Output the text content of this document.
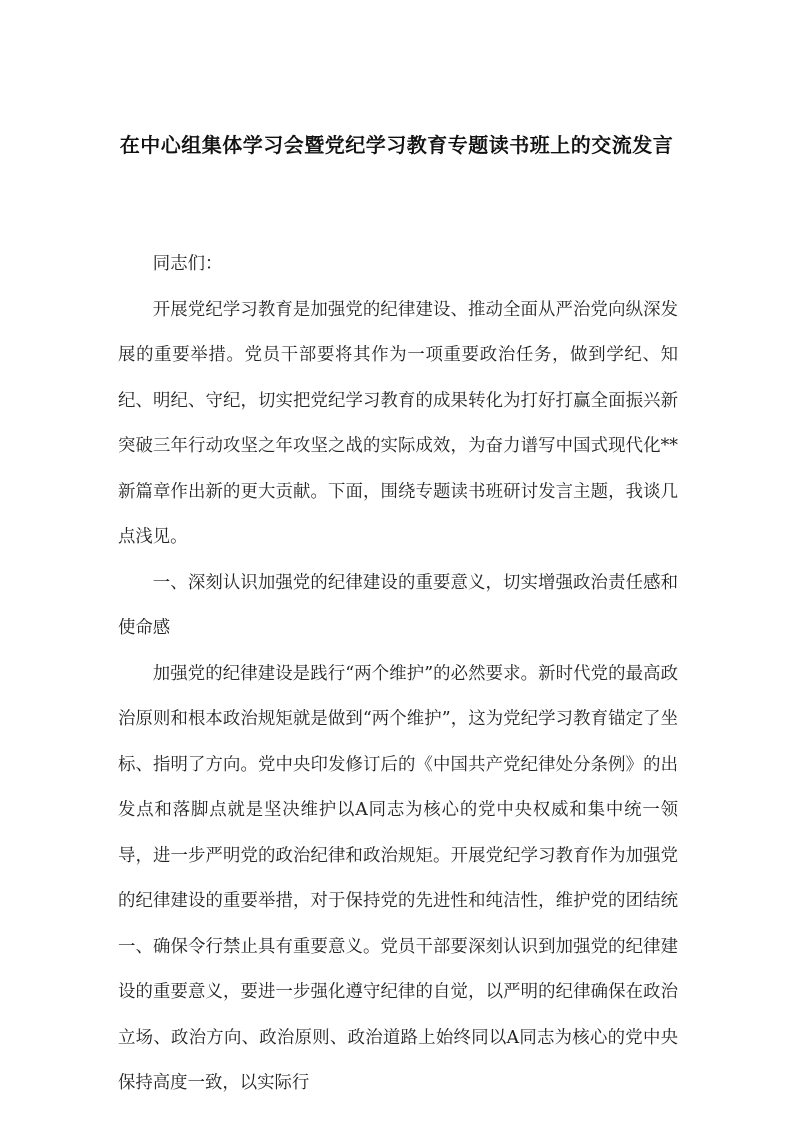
在中心组集体学习会暨党纪学习教育专题读书班上的交流发言

同志们：

开展党纪学习教育是加强党的纪律建设、推动全面从严治党向纵深发展的重要举措。党员干部要将其作为一项重要政治任务，做到学纪、知纪、明纪、守纪，切实把党纪学习教育的成果转化为打好打赢全面振兴新突破三年行动攻坚之年攻坚之战的实际成效，为奋力谱写中国式现代化**新篇章作出新的更大贡献。下面，围绕专题读书班研讨发言主题，我谈几点浅见。

一、深刻认识加强党的纪律建设的重要意义，切实增强政治责任感和使命感

加强党的纪律建设是践行“两个维护”的必然要求。新时代党的最高政治原则和根本政治规矩就是做到“两个维护”，这为党纪学习教育锚定了坐标、指明了方向。党中央印发修订后的《中国共产党纪律处分条例》的出发点和落脚点就是坚决维护以A同志为核心的党中央权威和集中统一领导，进一步严明党的政治纪律和政治规矩。开展党纪学习教育作为加强党的纪律建设的重要举措，对于保持党的先进性和纯洁性，维护党的团结统一、确保令行禁止具有重要意义。党员干部要深刻认识到加强党的纪律建设的重要意义，要进一步强化遵守纪律的自觉，以严明的纪律确保在政治立场、政治方向、政治原则、政治道路上始终同以A同志为核心的党中央保持高度一致，以实际行
